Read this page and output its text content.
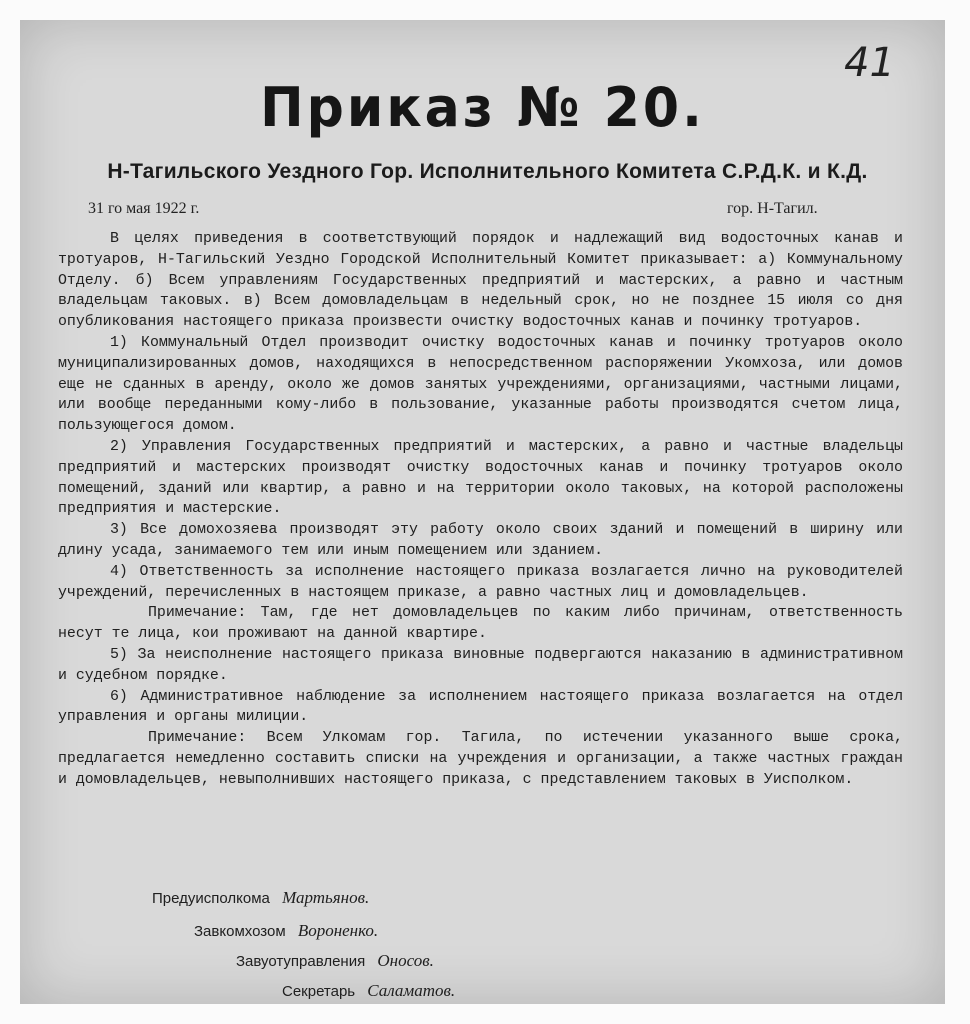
41
Приказ № 20.
Н-Тагильского Уездного Гор. Исполнительного Комитета С.Р.Д.К. и К.Д.
31 го мая 1922 г.	гор. Н-Тагил.

В целях приведения в соответствующий порядок и надлежащий вид водосточных канав и тротуаров, Н-Тагильский Уездно Городской Исполнительный Комитет приказывает: а) Коммунальному Отделу. б) Всем управлениям Государственных предприятий и мастерских, а равно и частным владельцам таковых. в) Всем домовладельцам в недельный срок, но не позднее 15 июля со дня опубликования настоящего приказа произвести очистку водосточных канав и починку тротуаров.

1) Коммунальный Отдел производит очистку водосточных канав и починку тротуаров около муниципализированных домов, находящихся в непосредственном распоряжении Укомхоза, или домов еще не сданных в аренду, около же домов занятых учреждениями, организациями, частными лицами, или вообще переданными кому-либо в пользование, указанные работы производятся счетом лица, пользующегося домом.

2) Управления Государственных предприятий и мастерских, а равно и частные владельцы предприятий и мастерских производят очистку водосточных канав и починку тротуаров около помещений, зданий или квартир, а равно и на территории около таковых, на которой расположены предприятия и мастерские.

3) Все домохозяева производят эту работу около своих зданий и помещений в ширину или длину усада, занимаемого тем или иным помещением или зданием.

4) Ответственность за исполнение настоящего приказа возлагается лично на руководителей учреждений, перечисленных в настоящем приказе, а равно частных лиц и домовладельцев.

Примечание: Там, где нет домовладельцев по каким либо причинам, ответственность несут те лица, кои проживают на данной квартире.

5) За неисполнение настоящего приказа виновные подвергаются наказанию в административном и судебном порядке.

6) Административное наблюдение за исполнением настоящего приказа возлагается на отдел управления и органы милиции.

Примечание: Всем Улкомам гор. Тагила, по истечении указанного выше срока, предлагается немедленно составить списки на учреждения и организации, а также частных граждан и домовладельцев, невыполнивших настоящего приказа, с представлением таковых в Уисполком.

Предуисполкома Мартьянов.
Завкомхозом Вороненко.
Завуотуправления Оносов.
Секретарь Саламатов.
